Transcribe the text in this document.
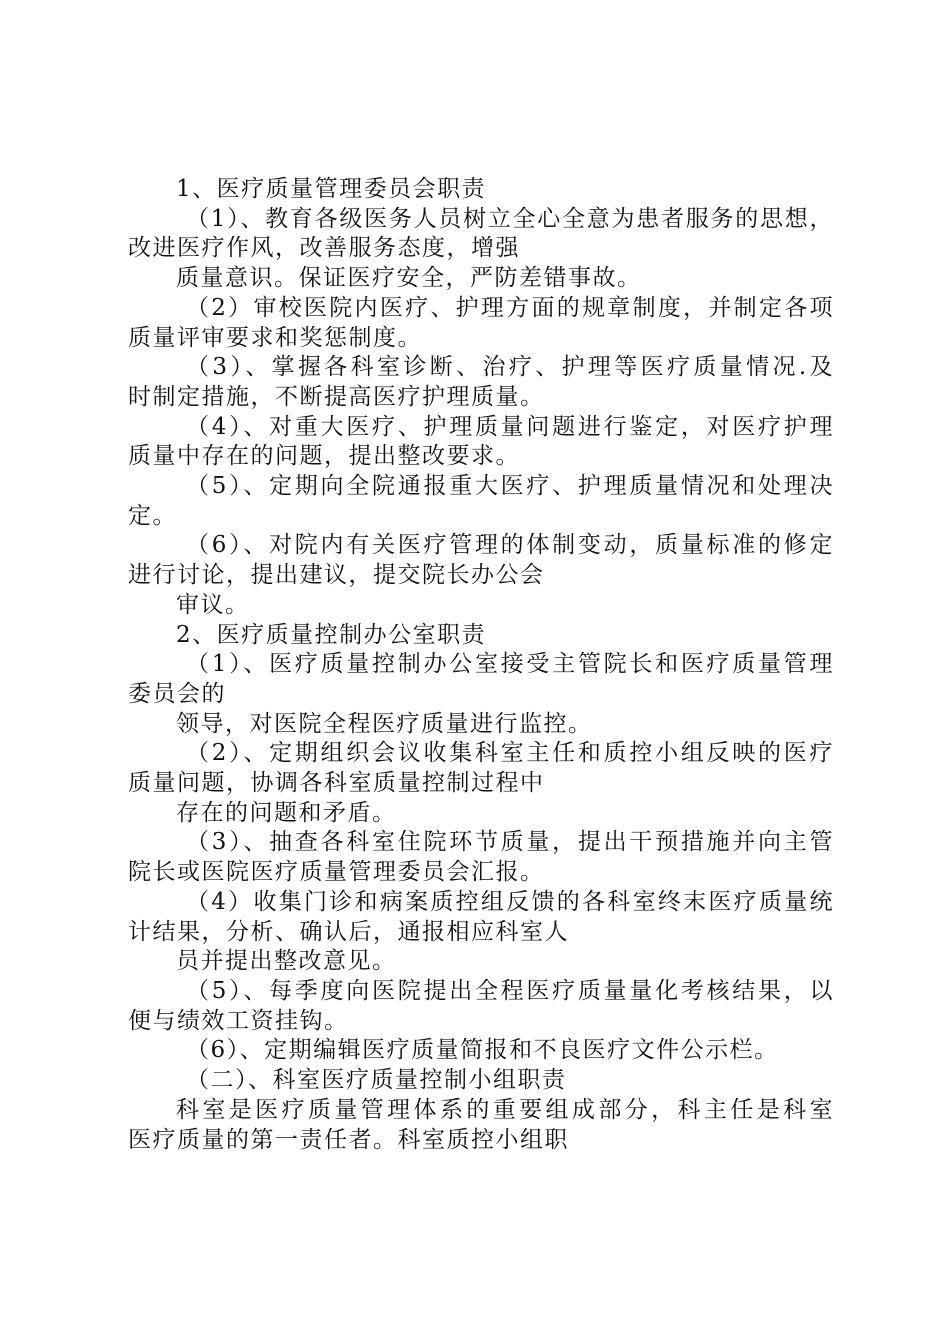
1、医疗质量管理委员会职责

（1）、教育各级医务人员树立全心全意为患者服务的思想，

改进医疗作风，改善服务态度，增强

质量意识。保证医疗安全，严防差错事故。

（2）审校医院内医疗、护理方面的规章制度，并制定各项

质量评审要求和奖惩制度。

（3）、掌握各科室诊断、治疗、护理等医疗质量情况.及

时制定措施，不断提高医疗护理质量。

（4）、对重大医疗、护理质量问题进行鉴定，对医疗护理

质量中存在的问题，提出整改要求。

（5）、定期向全院通报重大医疗、护理质量情况和处理决

定。

（6）、对院内有关医疗管理的体制变动，质量标准的修定

进行讨论，提出建议，提交院长办公会

审议。

2、医疗质量控制办公室职责

（1）、医疗质量控制办公室接受主管院长和医疗质量管理

委员会的

领导，对医院全程医疗质量进行监控。

（2）、定期组织会议收集科室主任和质控小组反映的医疗

质量问题，协调各科室质量控制过程中

存在的问题和矛盾。

（3）、抽查各科室住院环节质量，提出干预措施并向主管

院长或医院医疗质量管理委员会汇报。

（4）收集门诊和病案质控组反馈的各科室终末医疗质量统

计结果，分析、确认后，通报相应科室人

员并提出整改意见。

（5）、每季度向医院提出全程医疗质量量化考核结果，以

便与绩效工资挂钩。

（6）、定期编辑医疗质量简报和不良医疗文件公示栏。

（二）、科室医疗质量控制小组职责

科室是医疗质量管理体系的重要组成部分，科主任是科室

医疗质量的第一责任者。科室质控小组职
